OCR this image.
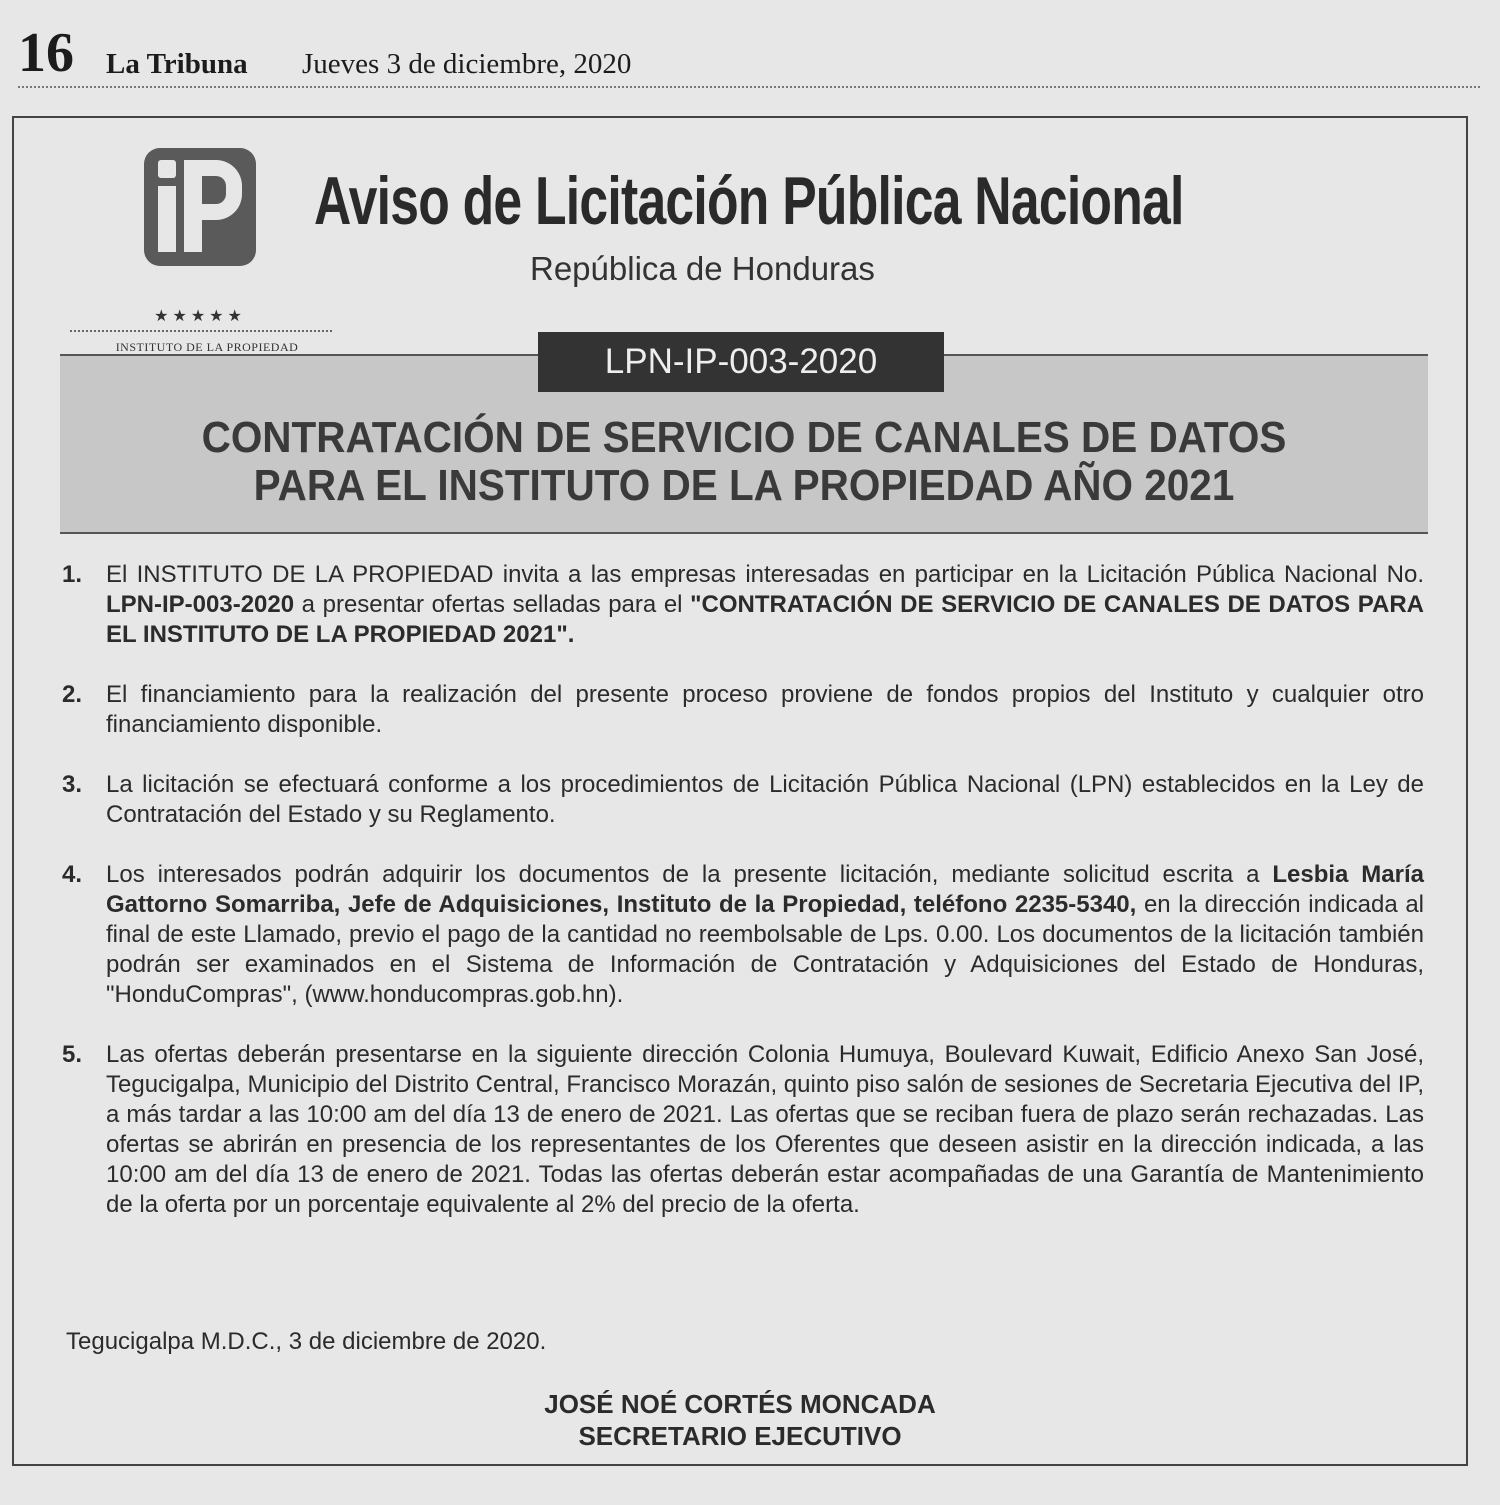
16 La Tribuna Jueves 3 de diciembre, 2020
★★★★★
INSTITUTO DE LA PROPIEDAD
Aviso de Licitación Pública Nacional
República de Honduras
LPN-IP-003-2020
CONTRATACIÓN DE SERVICIO DE CANALES DE DATOS
PARA EL INSTITUTO DE LA PROPIEDAD AÑO 2021
1. El INSTITUTO DE LA PROPIEDAD invita a las empresas interesadas en participar en la Licitación Pública Nacional No. LPN-IP-003-2020 a presentar ofertas selladas para el "CONTRATACIÓN DE SERVICIO DE CANALES DE DATOS PARA EL INSTITUTO DE LA PROPIEDAD 2021".
2. El financiamiento para la realización del presente proceso proviene de fondos propios del Instituto y cualquier otro financiamiento disponible.
3. La licitación se efectuará conforme a los procedimientos de Licitación Pública Nacional (LPN) establecidos en la Ley de Contratación del Estado y su Reglamento.
4. Los interesados podrán adquirir los documentos de la presente licitación, mediante solicitud escrita a Lesbia María Gattorno Somarriba, Jefe de Adquisiciones, Instituto de la Propiedad, teléfono 2235-5340, en la dirección indicada al final de este Llamado, previo el pago de la cantidad no reembolsable de Lps. 0.00. Los documentos de la licitación también podrán ser examinados en el Sistema de Información de Contratación y Adquisiciones del Estado de Honduras, "HonduCompras", (www.honducompras.gob.hn).
5. Las ofertas deberán presentarse en la siguiente dirección Colonia Humuya, Boulevard Kuwait, Edificio Anexo San José, Tegucigalpa, Municipio del Distrito Central, Francisco Morazán, quinto piso salón de sesiones de Secretaria Ejecutiva del IP, a más tardar a las 10:00 am del día 13 de enero de 2021. Las ofertas que se reciban fuera de plazo serán rechazadas. Las ofertas se abrirán en presencia de los representantes de los Oferentes que deseen asistir en la dirección indicada, a las 10:00 am del día 13 de enero de 2021. Todas las ofertas deberán estar acompañadas de una Garantía de Mantenimiento de la oferta por un porcentaje equivalente al 2% del precio de la oferta.
Tegucigalpa M.D.C., 3 de diciembre de 2020.
JOSÉ NOÉ CORTÉS MONCADA
SECRETARIO EJECUTIVO
